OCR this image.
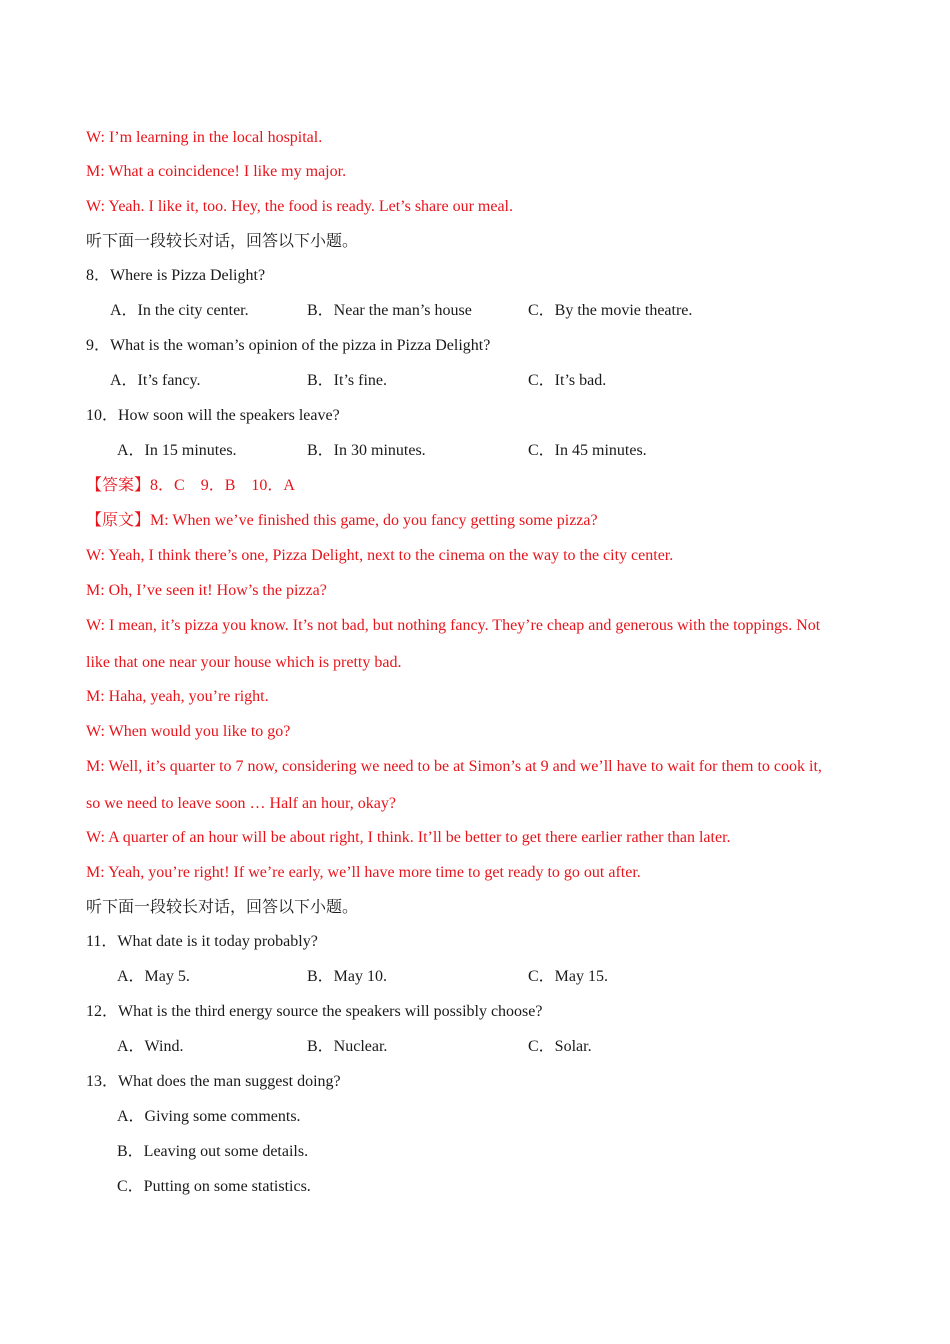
W: I’m learning in the local hospital.
M: What a coincidence! I like my major.
W: Yeah. I like it, too. Hey, the food is ready. Let’s share our meal.
听下面一段较长对话，回答以下小题。
8．Where is Pizza Delight?
A．In the city center.	B．Near the man’s house	C．By the movie theatre.
9．What is the woman’s opinion of the pizza in Pizza Delight?
A．It’s fancy.	B．It’s fine.	C．It’s bad.
10．How soon will the speakers leave?
A．In 15 minutes.	B．In 30 minutes.	C．In 45 minutes.
【答案】8．C　9．B　10．A
【原文】M: When we’ve finished this game, do you fancy getting some pizza?
W: Yeah, I think there’s one, Pizza Delight, next to the cinema on the way to the city center.
M: Oh, I’ve seen it! How’s the pizza?
W: I mean, it’s pizza you know. It’s not bad, but nothing fancy. They’re cheap and generous with the toppings. Not
like that one near your house which is pretty bad.
M: Haha, yeah, you’re right.
W: When would you like to go?
M: Well, it’s quarter to 7 now, considering we need to be at Simon’s at 9 and we’ll have to wait for them to cook it,
so we need to leave soon … Half an hour, okay?
W: A quarter of an hour will be about right, I think. It’ll be better to get there earlier rather than later.
M: Yeah, you’re right! If we’re early, we’ll have more time to get ready to go out after.
听下面一段较长对话，回答以下小题。
11．What date is it today probably?
A．May 5.	B．May 10.	C．May 15.
12．What is the third energy source the speakers will possibly choose?
A．Wind.	B．Nuclear.	C．Solar.
13．What does the man suggest doing?
A．Giving some comments.
B．Leaving out some details.
C．Putting on some statistics.
